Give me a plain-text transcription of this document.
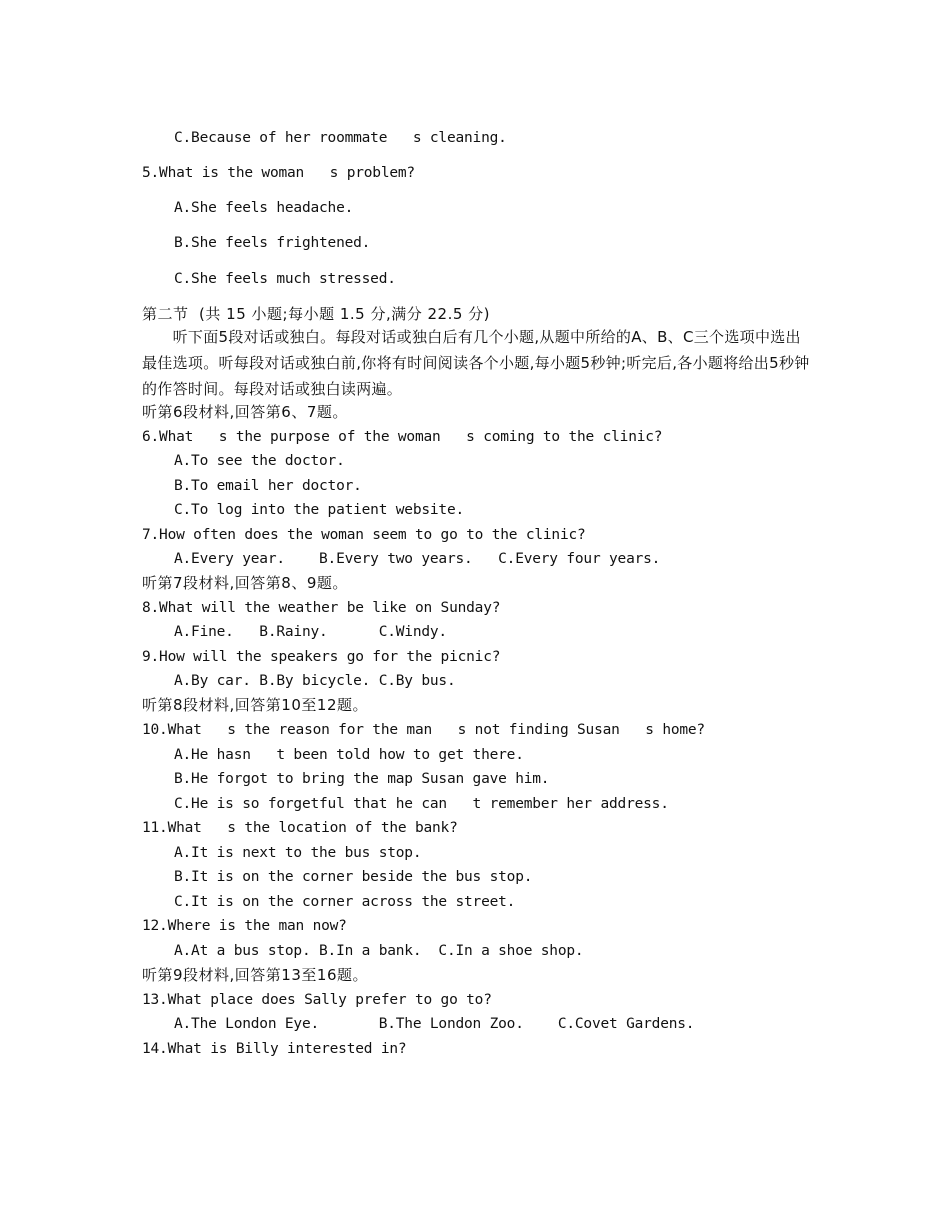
C.Because of her roommate   s cleaning.
5.What is the woman   s problem?
A.She feels headache.
B.She feels frightened.
C.She feels much stressed.
第二节  (共 15 小题;每小题 1.5 分,满分 22.5 分)
　　听下面5段对话或独白。每段对话或独白后有几个小题,从题中所给的A、B、C三个选项中选出最佳选项。听每段对话或独白前,你将有时间阅读各个小题,每小题5秒钟;听完后,各小题将给出5秒钟的作答时间。每段对话或独白读两遍。
听第6段材料,回答第6、7题。
6.What   s the purpose of the woman   s coming to the clinic?
A.To see the doctor.
B.To email her doctor.
C.To log into the patient website.
7.How often does the woman seem to go to the clinic?
A.Every year.    B.Every two years.   C.Every four years.
听第7段材料,回答第8、9题。
8.What will the weather be like on Sunday?
A.Fine.   B.Rainy.      C.Windy.
9.How will the speakers go for the picnic?
A.By car. B.By bicycle. C.By bus.
听第8段材料,回答第10至12题。
10.What   s the reason for the man   s not finding Susan   s home?
A.He hasn   t been told how to get there.
B.He forgot to bring the map Susan gave him.
C.He is so forgetful that he can   t remember her address.
11.What   s the location of the bank?
A.It is next to the bus stop.
B.It is on the corner beside the bus stop.
C.It is on the corner across the street.
12.Where is the man now?
A.At a bus stop. B.In a bank.  C.In a shoe shop.
听第9段材料,回答第13至16题。
13.What place does Sally prefer to go to?
A.The London Eye.       B.The London Zoo.    C.Covet Gardens.
14.What is Billy interested in?
